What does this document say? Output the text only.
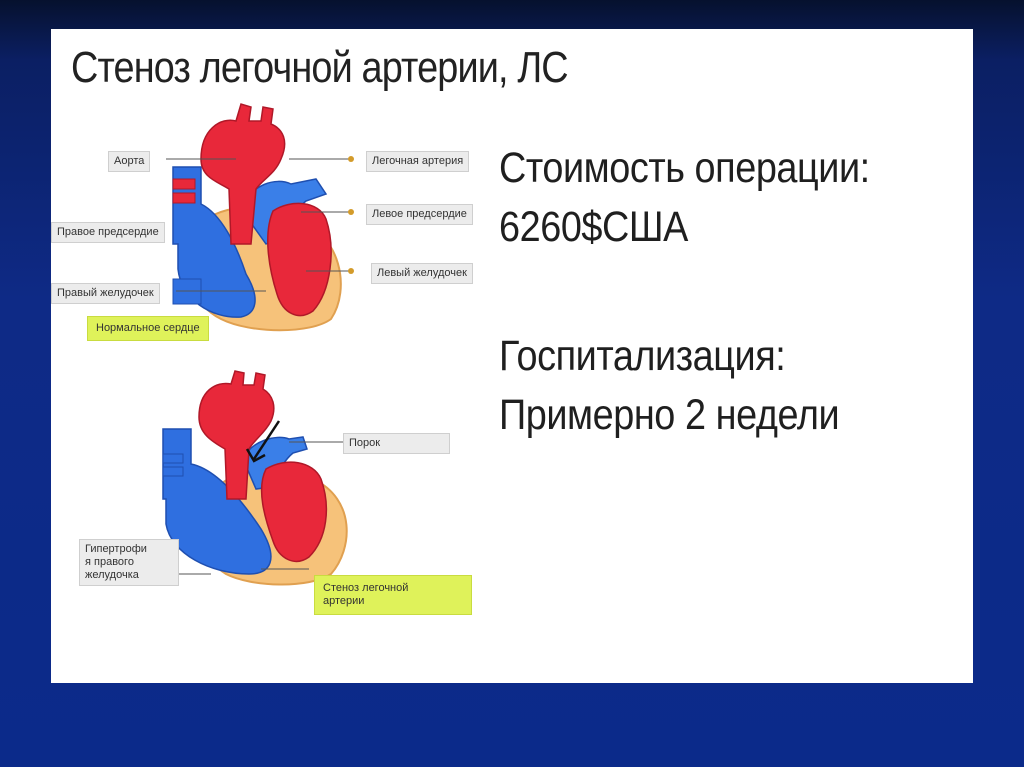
Стеноз легочной артерии, ЛС
Аорта	Легочная артерия
Левое предсердие
Правое предсердие
Левый желудочек
Правый желудочек
Нормальное сердце
Порок
Гипертрофи
я правого
желудочка
Стеноз легочной
артерии
Стоимость операции:
6260$США
Госпитализация:
Примерно 2 недели
